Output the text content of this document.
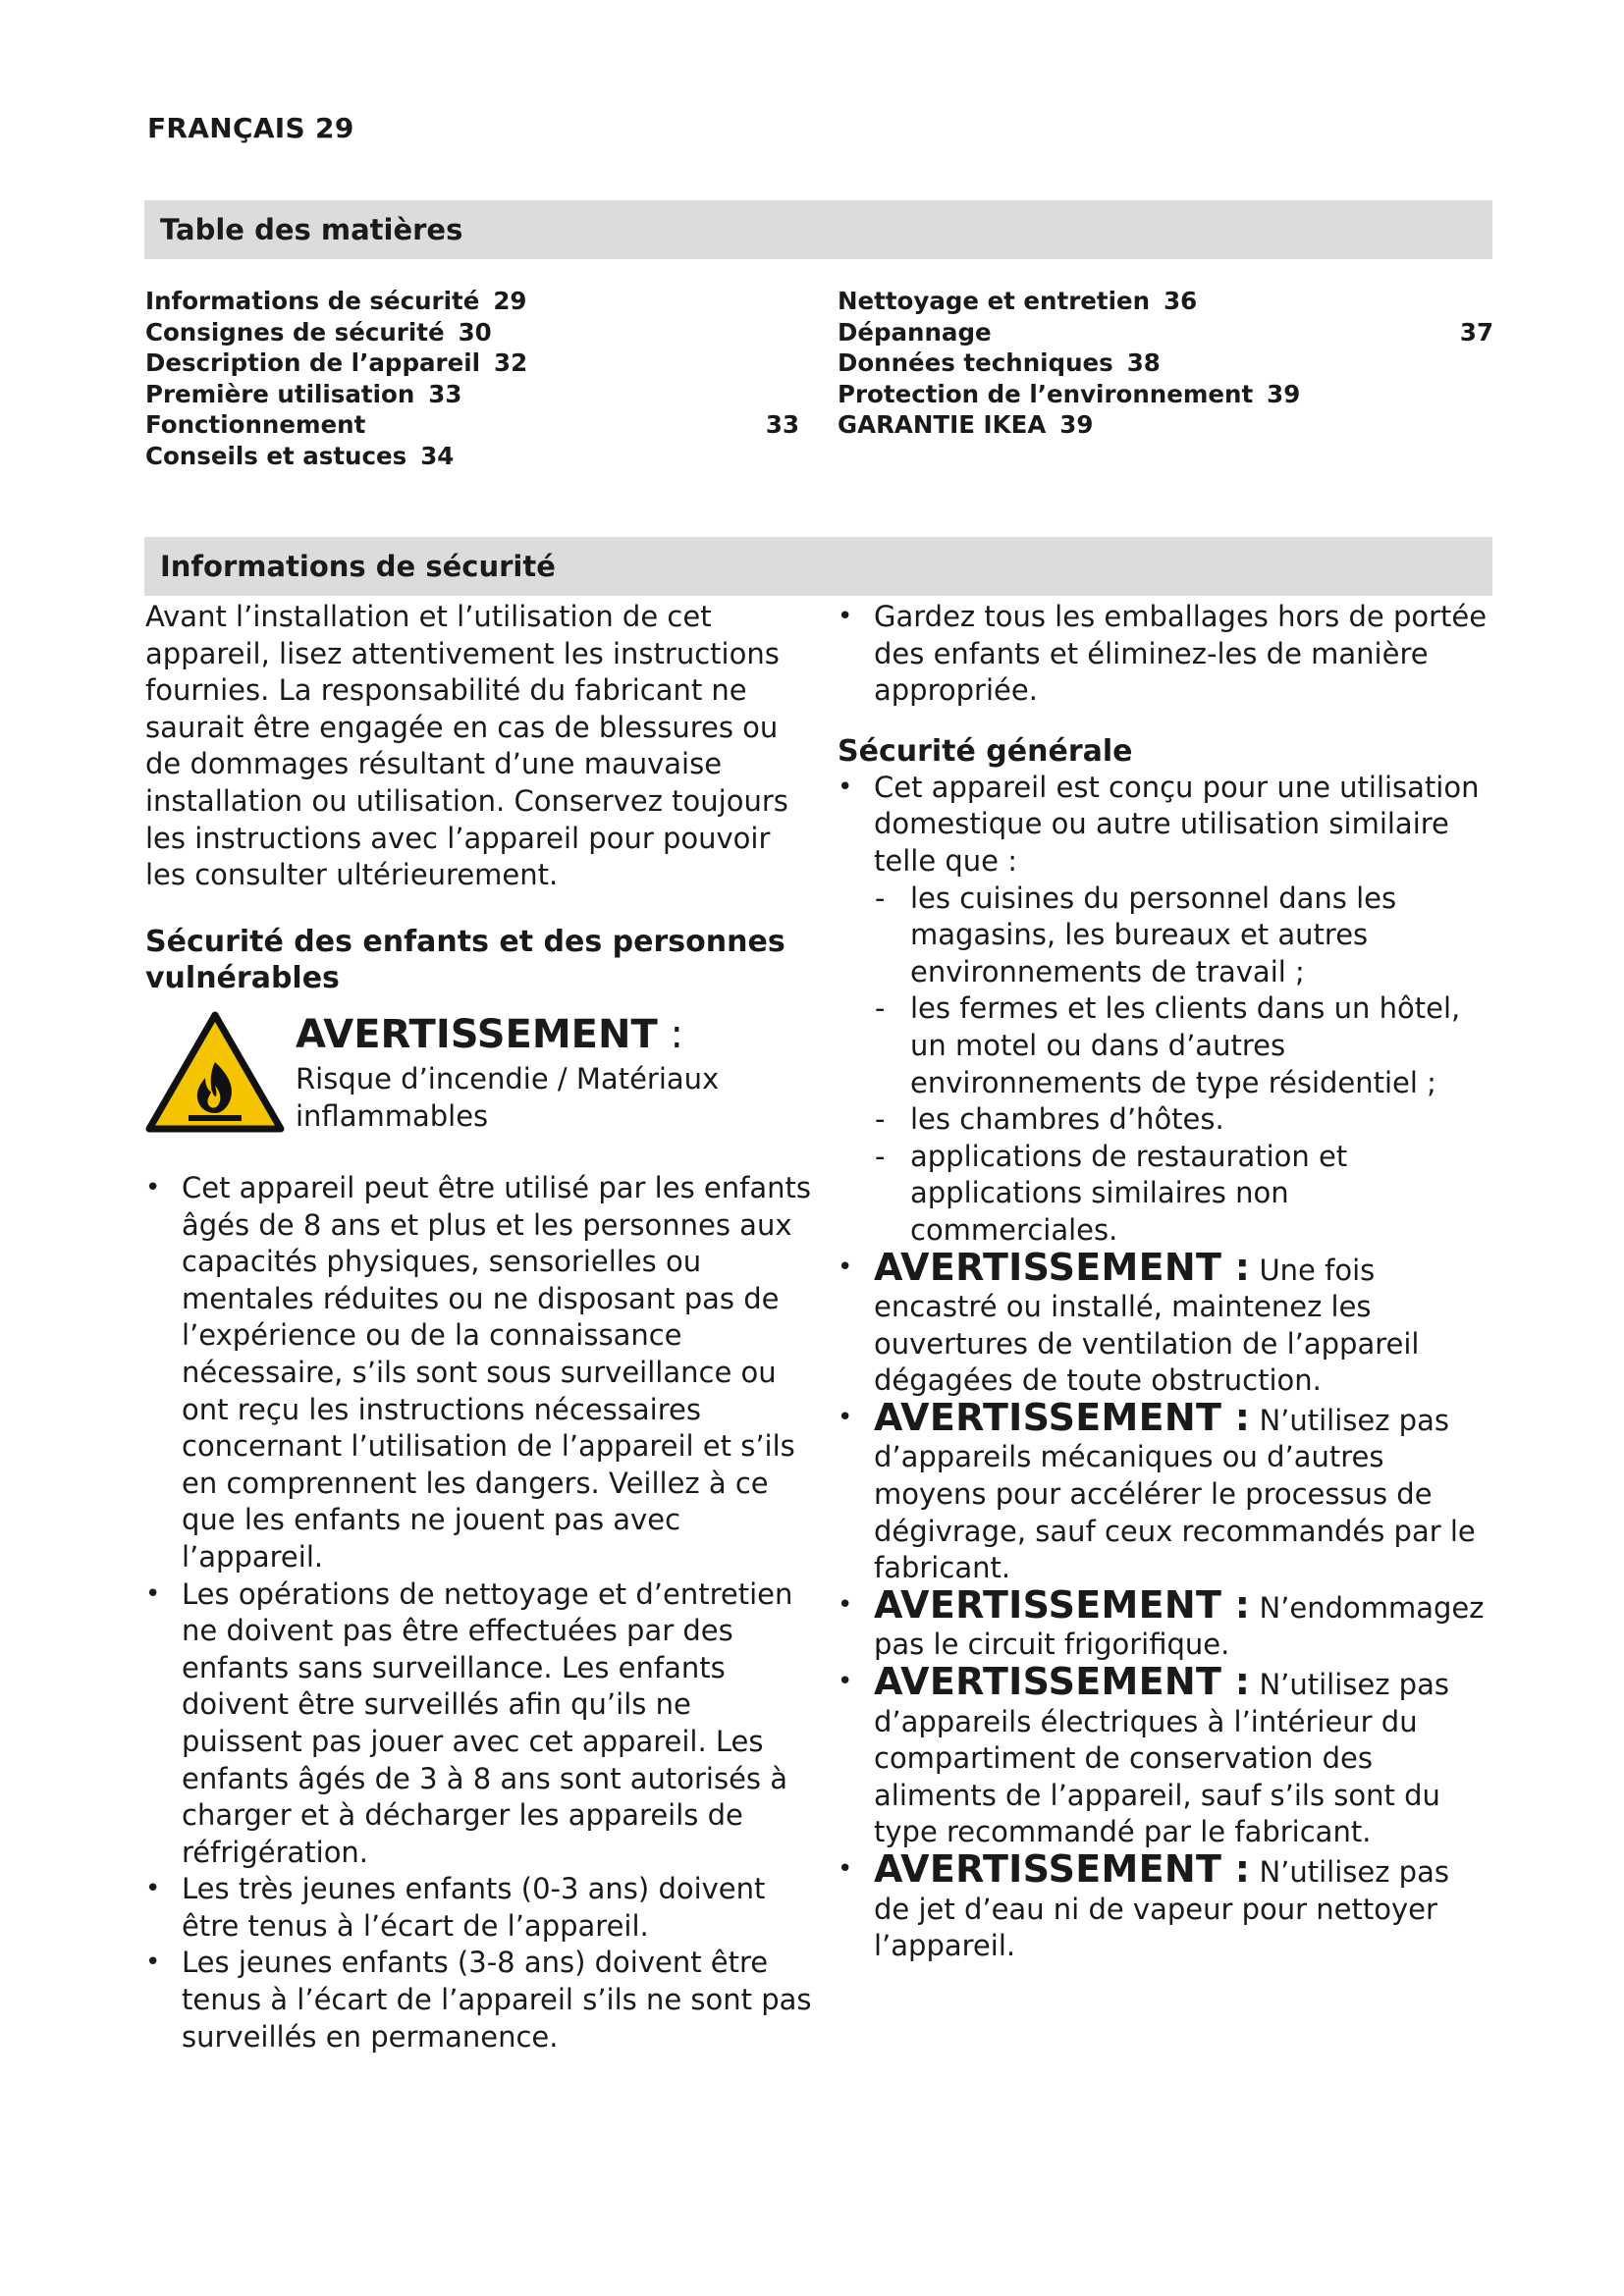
FRANÇAIS 29
Table des matières
Informations de sécurité 29
Consignes de sécurité 30
Description de l’appareil 32
Première utilisation 33
Fonctionnement	33
Conseils et astuces 34
Nettoyage et entretien 36
Dépannage	37
Données techniques 38
Protection de l’environnement 39
GARANTIE IKEA 39
Informations de sécurité

Avant l’installation et l’utilisation de cet appareil, lisez attentivement les instructions fournies. La responsabilité du fabricant ne saurait être engagée en cas de blessures ou de dommages résultant d’une mauvaise installation ou utilisation. Conservez toujours les instructions avec l’appareil pour pouvoir les consulter ultérieurement.

Sécurité des enfants et des personnes vulnérables
AVERTISSEMENT :
Risque d’incendie / Matériaux inflammables
• Cet appareil peut être utilisé par les enfants âgés de 8 ans et plus et les personnes aux capacités physiques, sensorielles ou mentales réduites ou ne disposant pas de l’expérience ou de la connaissance nécessaire, s’ils sont sous surveillance ou ont reçu les instructions nécessaires concernant l’utilisation de l’appareil et s’ils en comprennent les dangers. Veillez à ce que les enfants ne jouent pas avec l’appareil.
• Les opérations de nettoyage et d’entretien ne doivent pas être effectuées par des enfants sans surveillance. Les enfants doivent être surveillés afin qu’ils ne puissent pas jouer avec cet appareil. Les enfants âgés de 3 à 8 ans sont autorisés à charger et à décharger les appareils de réfrigération.
• Les très jeunes enfants (0-3 ans) doivent être tenus à l’écart de l’appareil.
• Les jeunes enfants (3-8 ans) doivent être tenus à l’écart de l’appareil s’ils ne sont pas surveillés en permanence.
• Gardez tous les emballages hors de portée des enfants et éliminez-les de manière appropriée.
Sécurité générale
• Cet appareil est conçu pour une utilisation domestique ou autre utilisation similaire telle que :
- les cuisines du personnel dans les magasins, les bureaux et autres environnements de travail ;
- les fermes et les clients dans un hôtel, un motel ou dans d’autres environnements de type résidentiel ;
- les chambres d’hôtes.
- applications de restauration et applications similaires non commerciales.
• AVERTISSEMENT : Une fois encastré ou installé, maintenez les ouvertures de ventilation de l’appareil dégagées de toute obstruction.
• AVERTISSEMENT : N’utilisez pas d’appareils mécaniques ou d’autres moyens pour accélérer le processus de dégivrage, sauf ceux recommandés par le fabricant.
• AVERTISSEMENT : N’endommagez pas le circuit frigorifique.
• AVERTISSEMENT : N’utilisez pas d’appareils électriques à l’intérieur du compartiment de conservation des aliments de l’appareil, sauf s’ils sont du type recommandé par le fabricant.
• AVERTISSEMENT : N’utilisez pas de jet d’eau ni de vapeur pour nettoyer l’appareil.
